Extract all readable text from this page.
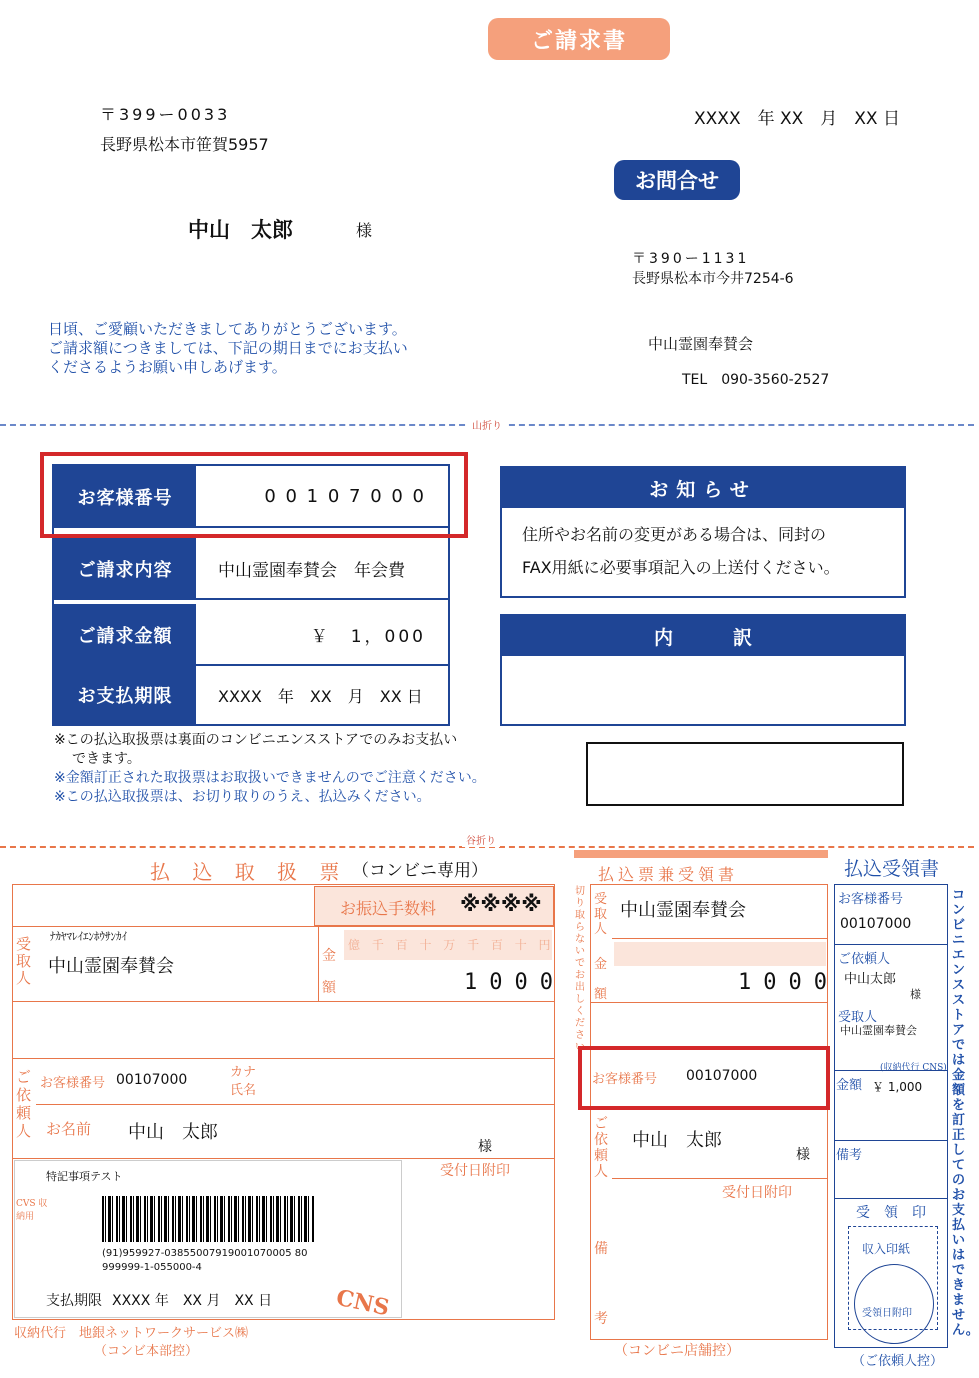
ご請求書
〒399ー0033
長野県松本市笹賀5957
中山　太郎	様
XXXX　年 XX　月　XX 日
お問合せ
〒390ー1131
長野県松本市今井7254-6
中山霊園奉賛会
TEL　090-3560-2527
日頃、ご愛顧いただきましてありがとうございます。
ご請求額につきましては、下記の期日までにお支払い
くださるようお願い申しあげます。
山折り
お客様番号	0 0 1 0 7 0 0 0
ご請求内容	中山霊園奉賛会　年会費
ご請求金額	￥　1，000
お支払期限	XXXX　年　XX　月　XX 日
お知らせ
住所やお名前の変更がある場合は、同封の
FAX用紙に必要事項記入の上送付ください。
内訳
※この払込取扱票は裏面のコンビニエンスストアでのみお支払い
できます。
※金額訂正された取扱票はお取扱いできませんのでご注意ください。
※この払込取扱票は、お切り取りのうえ、払込みください。
谷折り
払 込 取 扱 票 （コンビニ専用）
お振込手数料 ※※※※
受取人
ﾅｶﾔﾏﾚｲｴﾝﾎｳｻﾝｶｲ
中山霊園奉賛会	金額
億 千 百 十 万 千 百 十 円
1000
ご依頼人
お客様番号 00107000	カナ氏名
お名前 中山　太郎
様
受付日附印
特記事項テスト
CVS 収納用
(91)959927-03855007919001070005 80
999999-1-055000-4
支払期限 XXXX 年　XX 月　XX 日	CNS
収納代行　地銀ネットワークサービス㈱
（コンビ本部控）
払込票兼受領書
切り取らないでお出しください
受取人
中山霊園奉賛会
金額	1000
お客様番号 00107000
ご依頼人
中山　太郎
様
受付日附印
備考
（コンビニ店舗控）
払込受領書
お客様番号
00107000
ご依頼人
中山太郎
様
受取人
中山霊園奉賛会
(収納代行 CNS)
金額 ￥ 1,000
備考
受　領　印
収入印紙
受領日附印
（ご依頼人控）
コンビニエンスストアでは金額を訂正してのお支払いはできません。
